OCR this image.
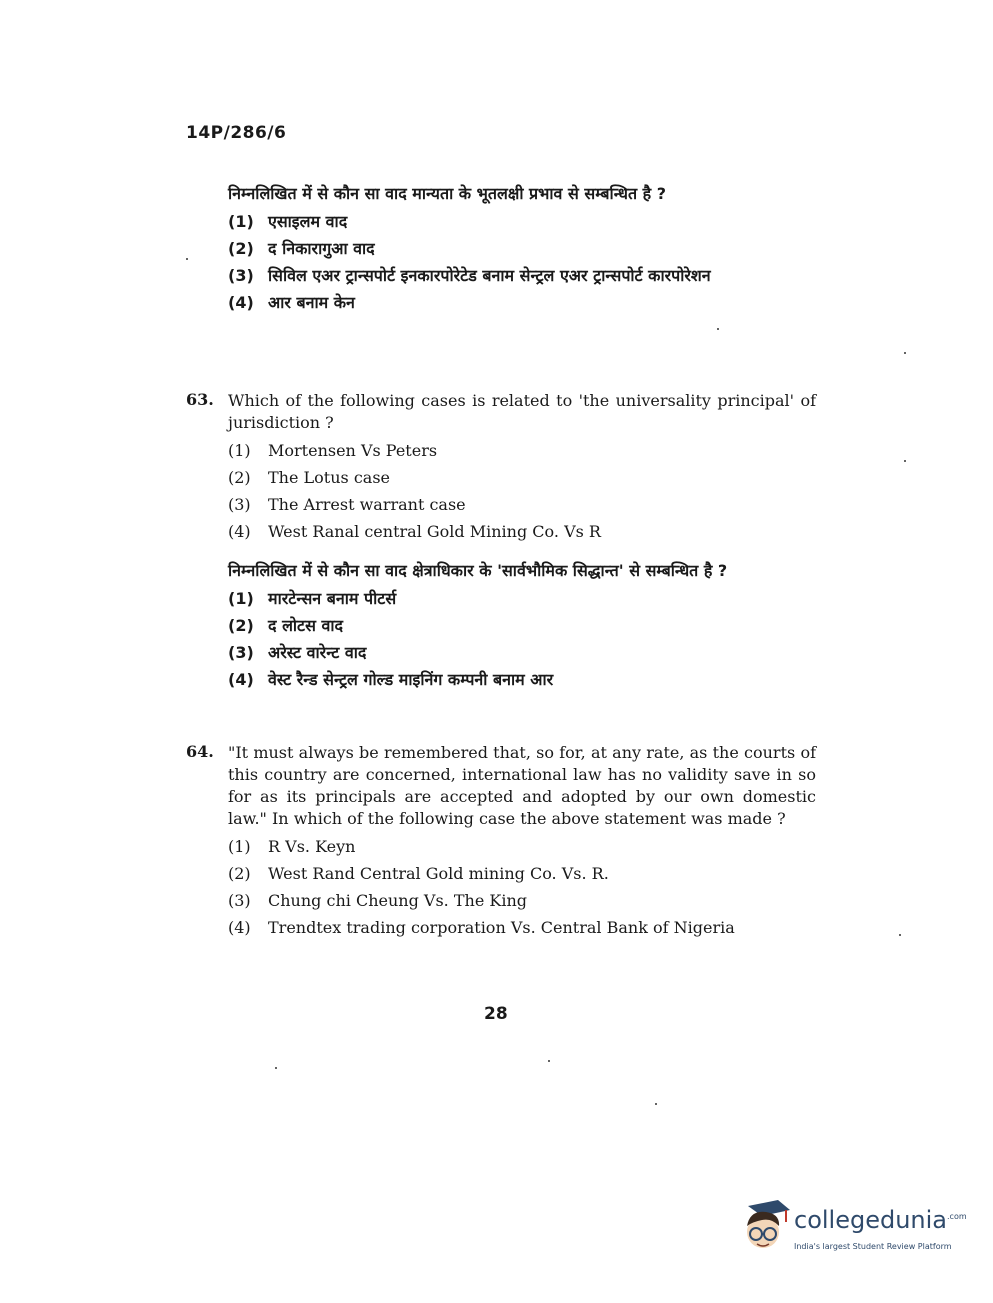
14P/286/6
निम्नलिखित में से कौन सा वाद मान्यता के भूतलक्षी प्रभाव से सम्बन्धित है ?
(1) एसाइलम वाद
(2) द निकारागुआ वाद
(3) सिविल एअर ट्रान्सपोर्ट इनकारपोरेटेड बनाम सेन्ट्रल एअर ट्रान्सपोर्ट कारपोरेशन
(4) आर बनाम केन
63. Which of the following cases is related to 'the universality principal' of jurisdiction ?
(1)	Mortensen Vs Peters
(2)	The Lotus case
(3)	The Arrest warrant case
(4)	West Ranal central Gold Mining Co. Vs R
निम्नलिखित में से कौन सा वाद क्षेत्राधिकार के 'सार्वभौमिक सिद्धान्त' से सम्बन्धित है ?
(1) मारटेन्सन बनाम पीटर्स
(2) द लोटस वाद
(3) अरेस्ट वारेन्ट वाद
(4) वेस्ट रैन्ड सेन्ट्रल गोल्ड माइनिंग कम्पनी बनाम आर
64. "It must always be remembered that, so for, at any rate, as the courts of this country are concerned, international law has no validity save in so for as its principals are accepted and adopted by our own domestic law." In which of the following case the above statement was made ?
(1)	R Vs. Keyn
(2)	West Rand Central Gold mining Co. Vs. R.
(3)	Chung chi Cheung Vs. The King
(4)	Trendtex trading corporation Vs. Central Bank of Nigeria
28
collegedunia$^{.com}$
India's largest Student Review Platform
